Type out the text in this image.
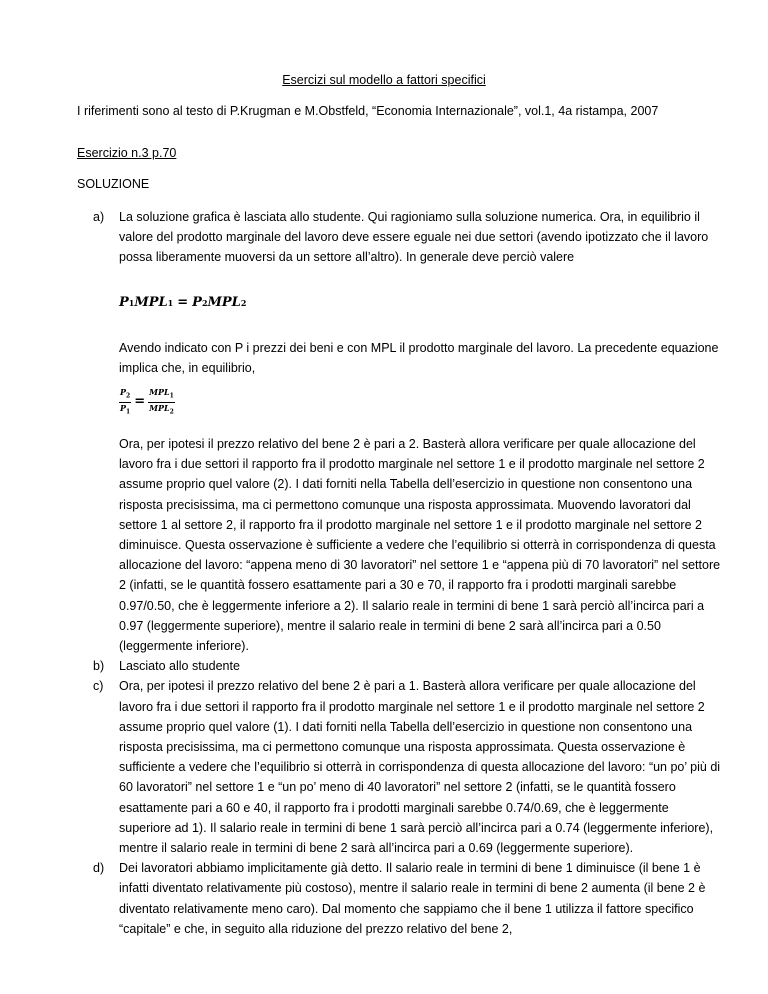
Esercizi sul modello a fattori specifici
I riferimenti sono al testo di P.Krugman e M.Obstfeld, “Economia Internazionale”, vol.1, 4a ristampa, 2007
Esercizio n.3 p.70
SOLUZIONE
a) La soluzione grafica è lasciata allo studente. Qui ragioniamo sulla soluzione numerica. Ora, in equilibrio il valore del prodotto marginale del lavoro deve essere eguale nei due settori (avendo ipotizzato che il lavoro possa liberamente muoversi da un settore all’altro). In generale deve perciò valere

P 1 MPL 1 = P 2 MPL 2

Avendo indicato con P i prezzi dei beni e con MPL il prodotto marginale del lavoro. La precedente equazione implica che, in equilibrio,

$\frac{P_2}{P_1} = \frac{MPL_1}{MPL_2}$

Ora, per ipotesi il prezzo relativo del bene 2 è pari a 2. Basterà allora verificare per quale allocazione del lavoro fra i due settori il rapporto fra il prodotto marginale nel settore 1 e il prodotto marginale nel settore 2 assume proprio quel valore (2). I dati forniti nella Tabella dell’esercizio in questione non consentono una risposta precisissima, ma ci permettono comunque una risposta approssimata. Muovendo lavoratori dal settore 1 al settore 2, il rapporto fra il prodotto marginale nel settore 1 e il prodotto marginale nel settore 2 diminuisce. Questa osservazione è sufficiente a vedere che l’equilibrio si otterrà in corrispondenza di questa allocazione del lavoro: “appena meno di 30 lavoratori” nel settore 1 e “appena più di 70 lavoratori” nel settore 2 (infatti, se le quantità fossero esattamente pari a 30 e 70, il rapporto fra i prodotti marginali sarebbe 0.97/0.50, che è leggermente inferiore a 2). Il salario reale in termini di bene 1 sarà perciò all’incirca pari a 0.97 (leggermente superiore), mentre il salario reale in termini di bene 2 sarà all’incirca pari a 0.50 (leggermente inferiore).

b) Lasciato allo studente

c) Ora, per ipotesi il prezzo relativo del bene 2 è pari a 1. Basterà allora verificare per quale allocazione del lavoro fra i due settori il rapporto fra il prodotto marginale nel settore 1 e il prodotto marginale nel settore 2 assume proprio quel valore (1). I dati forniti nella Tabella dell’esercizio in questione non consentono una risposta precisissima, ma ci permettono comunque una risposta approssimata. Questa osservazione è sufficiente a vedere che l’equilibrio si otterrà in corrispondenza di questa allocazione del lavoro: “un po’ più di 60 lavoratori” nel settore 1 e “un po’ meno di 40 lavoratori” nel settore 2 (infatti, se le quantità fossero esattamente pari a 60 e 40, il rapporto fra i prodotti marginali sarebbe 0.74/0.69, che è leggermente superiore ad 1). Il salario reale in termini di bene 1 sarà perciò all’incirca pari a 0.74 (leggermente inferiore), mentre il salario reale in termini di bene 2 sarà all’incirca pari a 0.69 (leggermente superiore).

d) Dei lavoratori abbiamo implicitamente già detto. Il salario reale in termini di bene 1 diminuisce (il bene 1 è infatti diventato relativamente più costoso), mentre il salario reale in termini di bene 2 aumenta (il bene 2 è diventato relativamente meno caro). Dal momento che sappiamo che il bene 1 utilizza il fattore specifico “capitale” e che, in seguito alla riduzione del prezzo relativo del bene 2,
